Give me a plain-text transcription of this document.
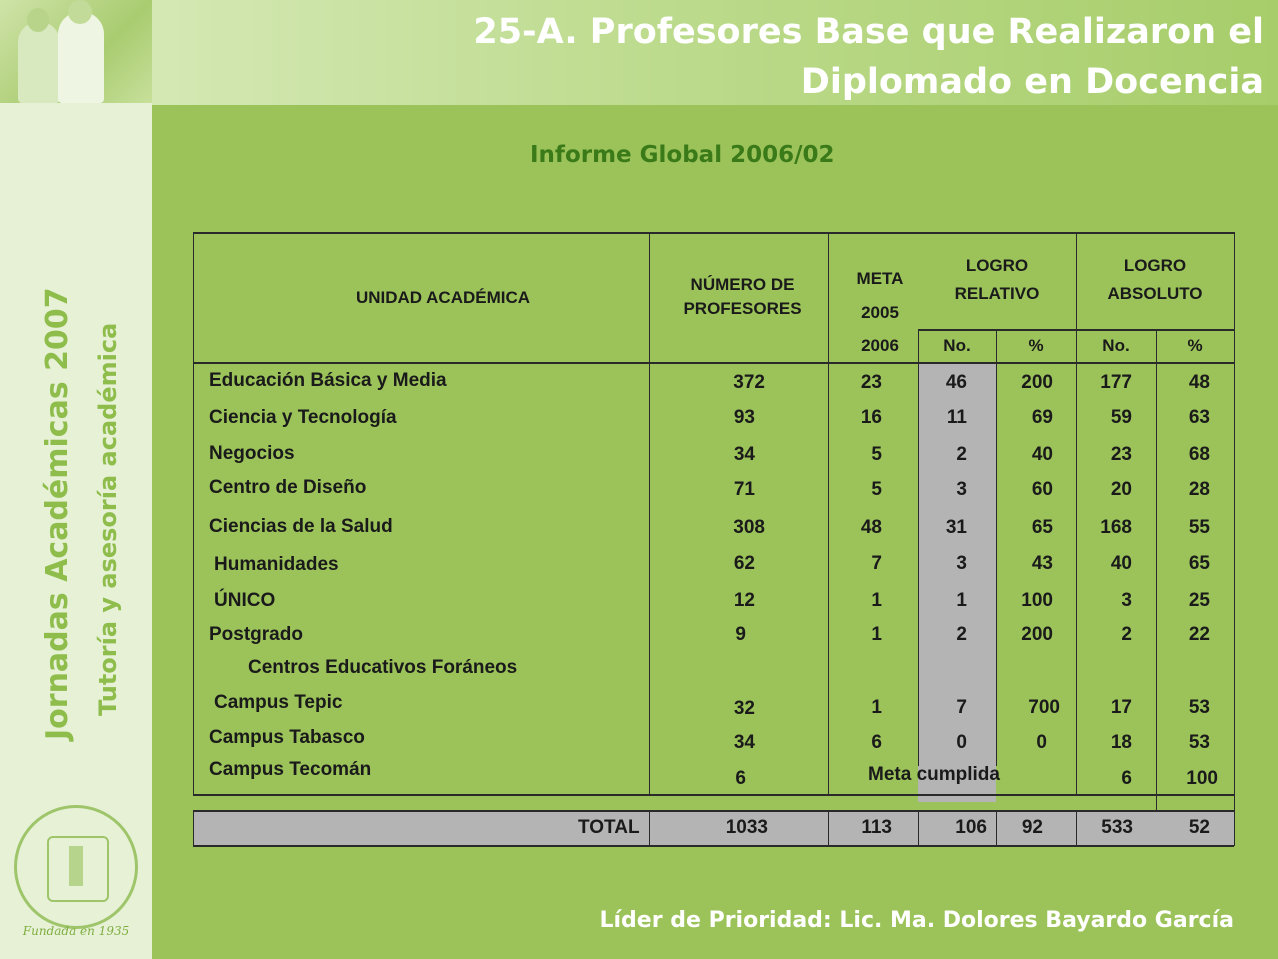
Jornadas Académicas 2007 Tutoría y asesoría académica

Fundada en 1935
25-A. Profesores Base que Realizaron el
Diplomado en Docencia
Informe Global 2006/02
UNIDAD ACADÉMICA
NÚMERO DE
PROFESORES
META
2005
2006
LOGRO
RELATIVO
LOGRO
ABSOLUTO
No.	%	No.	%
Educación Básica y Media	372	23	46	200	177	48
Ciencia y Tecnología	93	16	11	69	59	63
Negocios	34	5	2	40	23	68
Centro de Diseño	71	5	3	60	20	28
Ciencias de la Salud	308	48	31	65	168	55
Humanidades	62	7	3	43	40	65
ÚNICO	12	1	1	100	3	25
Postgrado	9	1	2	200	2	22
Centros Educativos Foráneos
Campus Tepic	32	1	7	700	17	53
Campus Tabasco	34	6	0	0	18	53
Campus Tecomán	6	Meta cumplida	6	100
TOTAL	1033	113	106	92	533	52
Líder de Prioridad: Lic. Ma. Dolores Bayardo García
